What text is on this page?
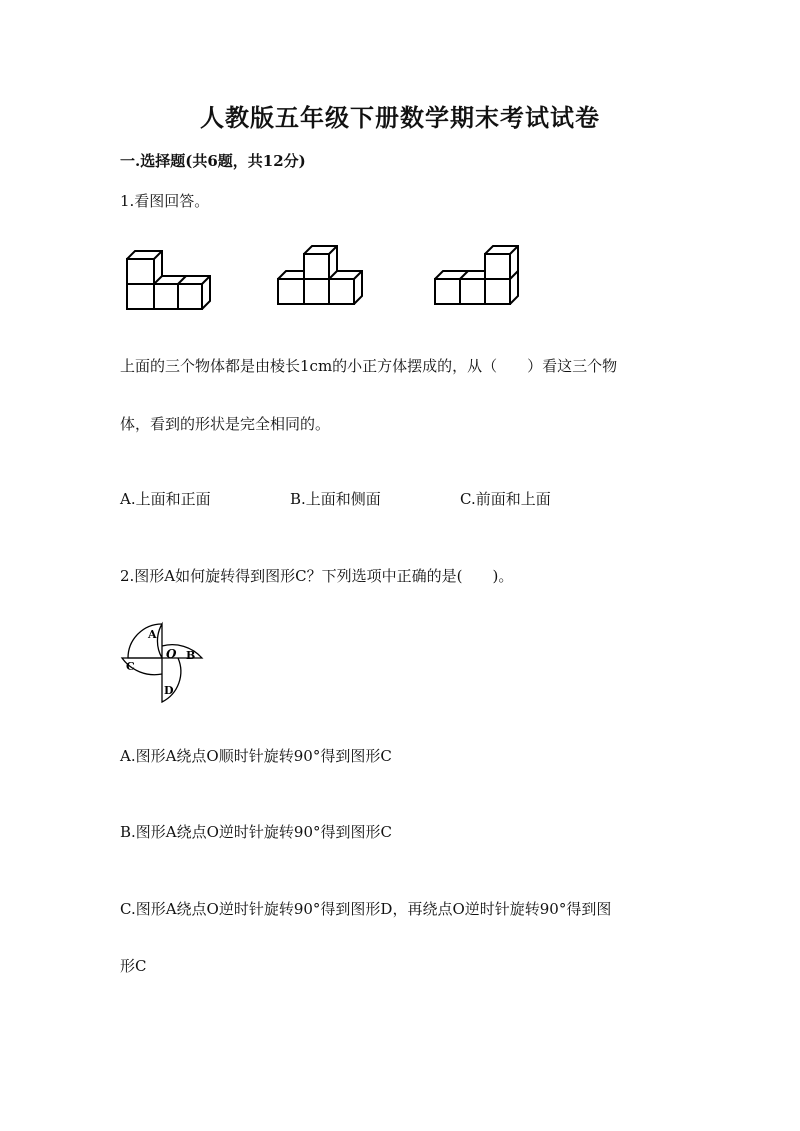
人教版五年级下册数学期末考试试卷
一.选择题(共6题，共12分)
1.看图回答。
上面的三个物体都是由棱长1cm的小正方体摆成的，从（　　）看这三个物
体，看到的形状是完全相同的。
A.上面和正面	B.上面和侧面	C.前面和上面
2.图形A如何旋转得到图形C？下列选项中正确的是(　　)。
A
B
C
D
O
A.图形A绕点O顺时针旋转90°得到图形C
B.图形A绕点O逆时针旋转90°得到图形C
C.图形A绕点O逆时针旋转90°得到图形D，再绕点O逆时针旋转90°得到图
形C
